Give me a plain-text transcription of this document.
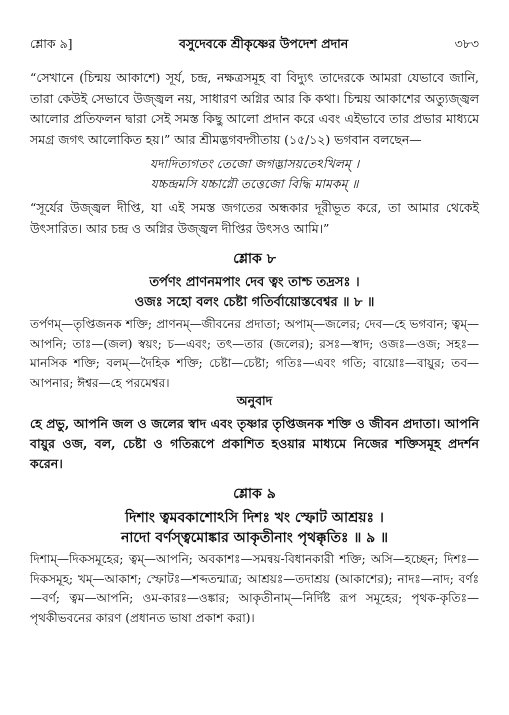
শ্লোক ৯]	বসুদেবকে শ্রীকৃষ্ণের উপদেশ প্রদান	৩৮৩

“সেখানে (চিন্ময় আকাশে) সূর্য, চন্দ্র, নক্ষত্রসমূহ বা বিদ্যুৎ তাদেরকে আমরা যেভাবে জানি, তারা কেউই সেভাবে উজ্জ্বল নয়, সাধারণ অগ্নির আর কি কথা। চিন্ময় আকাশের অত্যুজ্জ্বল আলোর প্রতিফলন দ্বারা সেই সমস্ত কিছু আলো প্রদান করে এবং এইভাবে তার প্রভার মাধ্যমে সমগ্র জগৎ আলোকিত হয়।” আর শ্রীমদ্ভগবদ্গীতায় (১৫/১২) ভগবান বলছেন—

যদাদিত্যগতং তেজো জগদ্ভাসয়তেঽখিলম্ ।
যচ্চন্দ্রমসি যচ্চাগ্নৌ তত্তেজো বিদ্ধি মামকম্ ॥

“সূর্যের উজ্জ্বল দীপ্তি, যা এই সমস্ত জগতের অন্ধকার দূরীভূত করে, তা আমার থেকেই উৎসারিত। আর চন্দ্র ও অগ্নির উজ্জ্বল দীপ্তির উৎসও আমি।”

শ্লোক ৮
তর্পণং প্রাণনমপাং দেব ত্বং তাশ্চ তদ্রসঃ ।
ওজঃ সহো বলং চেষ্টা গতির্বায়োস্তবেশ্বর ॥ ৮ ॥

তর্পণম্—তৃপ্তিজনক শক্তি; প্রাণনম্—জীবনের প্রদাতা; অপাম্—জলের; দেব—হে ভগবান; ত্বম্—আপনি; তাঃ—(জল) স্বয়ং; চ—এবং; তৎ—তার (জলের); রসঃ—স্বাদ; ওজঃ—ওজ; সহঃ—মানসিক শক্তি; বলম্—দৈহিক শক্তি; চেষ্টা—চেষ্টা; গতিঃ—এবং গতি; বায়োঃ—বায়ুর; তব—আপনার; ঈশ্বর—হে পরমেশ্বর।

অনুবাদ

হে প্রভু, আপনি জল ও জলের স্বাদ এবং তৃষ্ণার তৃপ্তিজনক শক্তি ও জীবন প্রদাতা। আপনি বায়ুর ওজ, বল, চেষ্টা ও গতিরূপে প্রকাশিত হওয়ার মাধ্যমে নিজের শক্তিসমূহ প্রদর্শন করেন।

শ্লোক ৯
দিশাং ত্বমবকাশোঽসি দিশঃ খং স্ফোট আশ্রয়ঃ ।
নাদো বর্ণস্ত্বমোঙ্কার আকৃতীনাং পৃথক্কৃতিঃ ॥ ৯ ॥

দিশাম্—দিকসমূহের; ত্বম্—আপনি; অবকাশঃ—সমন্বয়-বিধানকারী শক্তি; অসি—হচ্ছেন; দিশঃ—দিকসমূহ; খম্—আকাশ; স্ফোটঃ—শব্দতন্মাত্র; আশ্রয়ঃ—তদাশ্রয় (আকাশের); নাদঃ—নাদ; বর্ণঃ—বর্ণ; ত্বম—আপনি; ওম-কারঃ—ওঙ্কার; আকৃতীনাম্—নির্দিষ্ট রূপ সমূহের; পৃথক-কৃতিঃ—পৃথকীভবনের কারণ (প্রধানত ভাষা প্রকাশ করা)।
